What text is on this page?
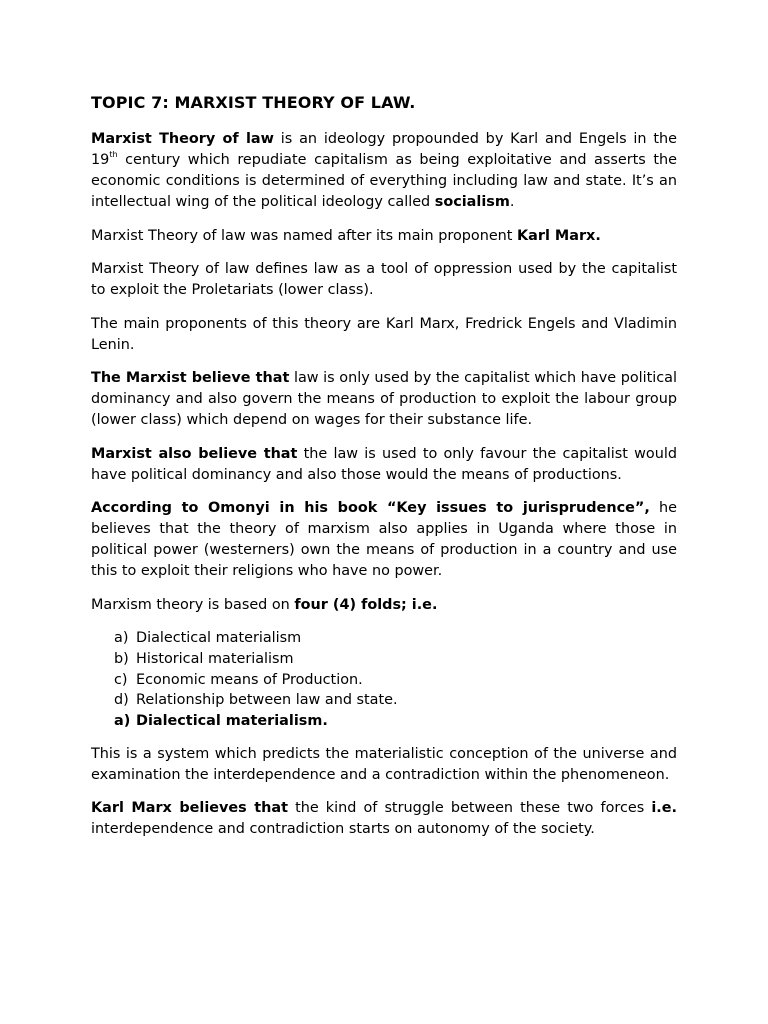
TOPIC 7: MARXIST THEORY OF LAW.

Marxist Theory of law is an ideology propounded by Karl and Engels in the 19th century which repudiate capitalism as being exploitative and asserts the economic conditions is determined of everything including law and state. It’s an intellectual wing of the political ideology called socialism.

Marxist Theory of law was named after its main proponent Karl Marx.

Marxist Theory of law defines law as a tool of oppression used by the capitalist to exploit the Proletariats (lower class).

The main proponents of this theory are Karl Marx, Fredrick Engels and Vladimin Lenin.

The Marxist believe that law is only used by the capitalist which have political dominancy and also govern the means of production to exploit the labour group (lower class) which depend on wages for their substance life.

Marxist also believe that the law is used to only favour the capitalist would have political dominancy and also those would the means of productions.

According to Omonyi in his book “Key issues to jurisprudence”, he believes that the theory of marxism also applies in Uganda where those in political power (westerners) own the means of production in a country and use this to exploit their religions who have no power.

Marxism theory is based on four (4) folds; i.e.

a) Dialectical materialism
b) Historical materialism
c) Economic means of Production.
d) Relationship between law and state.
a) Dialectical materialism.

This is a system which predicts the materialistic conception of the universe and examination the interdependence and a contradiction within the phenomeneon.

Karl Marx believes that the kind of struggle between these two forces i.e. interdependence and contradiction starts on autonomy of the society.
